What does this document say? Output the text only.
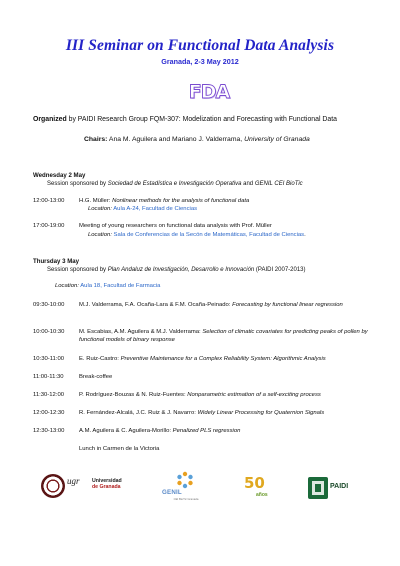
III Seminar on Functional Data Analysis
Granada, 2-3 May 2012
FDA
Organized by PAIDI Research Group FQM-307: Modelization and Forecasting with Functional Data
Chairs: Ana M. Aguilera and Mariano J. Valderrama, University of Granada
Wednesday 2 May
Session sponsored by Sociedad de Estadística e Investigación Operativa and GENIL CEI BioTic
12:00-13:00 H.G. Müller: Nonlinear methods for the analysis of functional data
Location: Aula A-24, Facultad de Ciencias
17:00-19:00 Meeting of young researchers on functional data analysis with Prof. Müller
Location: Sala de Conferencias de la Secón de Matemáticas, Facultad de Ciencias.
Thursday 3 May
Session sponsored by Plan Andaluz de Investigación, Desarrollo e Innovación (PAIDI 2007-2013)
Location: Aula 18, Facultad de Farmacia
09:30-10:00 M.J. Valderrama, F.A. Ocaña-Lara & F.M. Ocaña-Peinado: Forecasting by functional linear regression
10:00-10:30 M. Escabias, A.M. Aguilera & M.J. Valderrama: Selection of climatic covariates for predicting peaks of pollen by functional models of binary response
10:30-11:00	E. Ruiz-Castro: Preventive Maintenance for a Complex Reliability System: Algorithmic Analysis
11:00-11:30	Break-coffee
11:30-12:00	P. Rodríguez-Bouzas & N. Ruiz-Fuentes: Nonparametric estimation of a self-exciting process
12:00-12:30 R. Fernández-Alcalá, J.C. Ruiz & J. Navarro: Widely Linear Processing for Quaternion Signals
12:30-13:00 A.M. Aguilera & C. Aguilera-Morillo: Penalized PLS regression
Lunch in Carmen de la Victoria
ugr	Universidad
de Granada
GENIL
CEI BioTic Granada
50
años
PAIDI
